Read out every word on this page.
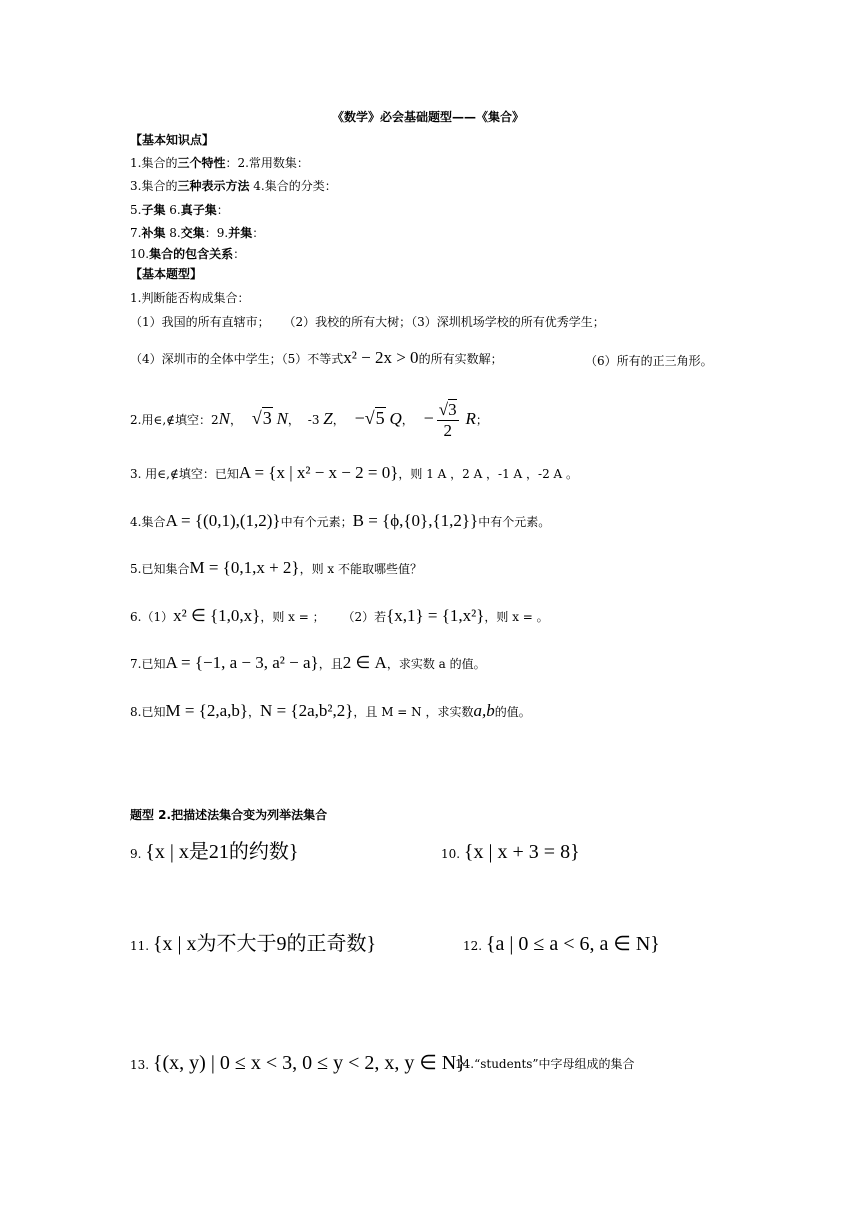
《数学》必会基础题型——《集合》
【基本知识点】
1.集合的三个特性：2.常用数集：
3.集合的三种表示方法 4.集合的分类：
5.子集 6.真子集：
7.补集 8.交集：9.并集：
10.集合的包含关系：
【基本题型】
1.判断能否构成集合：
（1）我国的所有直辖市； （2）我校的所有大树；（3）深圳机场学校的所有优秀学生；
（4）深圳市的全体中学生；（5）不等式x² − 2x > 0的所有实数解；	（6）所有的正三角形。
2.用∈,∉填空：2N， √3 N， -3 Z， −√5 Q， − $\frac{√3}{2}$ R；
3. 用∈,∉填空：已知A = {x | x² − x − 2 = 0}，则 1 A ，2 A ，-1 A ，-2 A 。
4.集合A = {(0,1),(1,2)}中有个元素；B = {ϕ,{0},{1,2}}中有个元素。
5.已知集合M = {0,1,x + 2}，则 x 不能取哪些值？
6.（1）x² ∈ {1,0,x}，则 x = ； （2）若{x,1} = {1,x²}，则 x = 。
7.已知A = {−1, a − 3, a² − a}，且2 ∈ A，求实数 a 的值。
8.已知M = {2,a,b}，N = {2a,b²,2}，且 M = N ，求实数a,b的值。
题型 2.把描述法集合变为列举法集合
9. {x | x是21的约数}	10. {x | x + 3 = 8}
11. {x | x为不大于9的正奇数}	12. {a | 0 ≤ a < 6, a ∈ N}
13. {(x, y) | 0 ≤ x < 3, 0 ≤ y < 2, x, y ∈ N}
14.“students”中字母组成的集合
